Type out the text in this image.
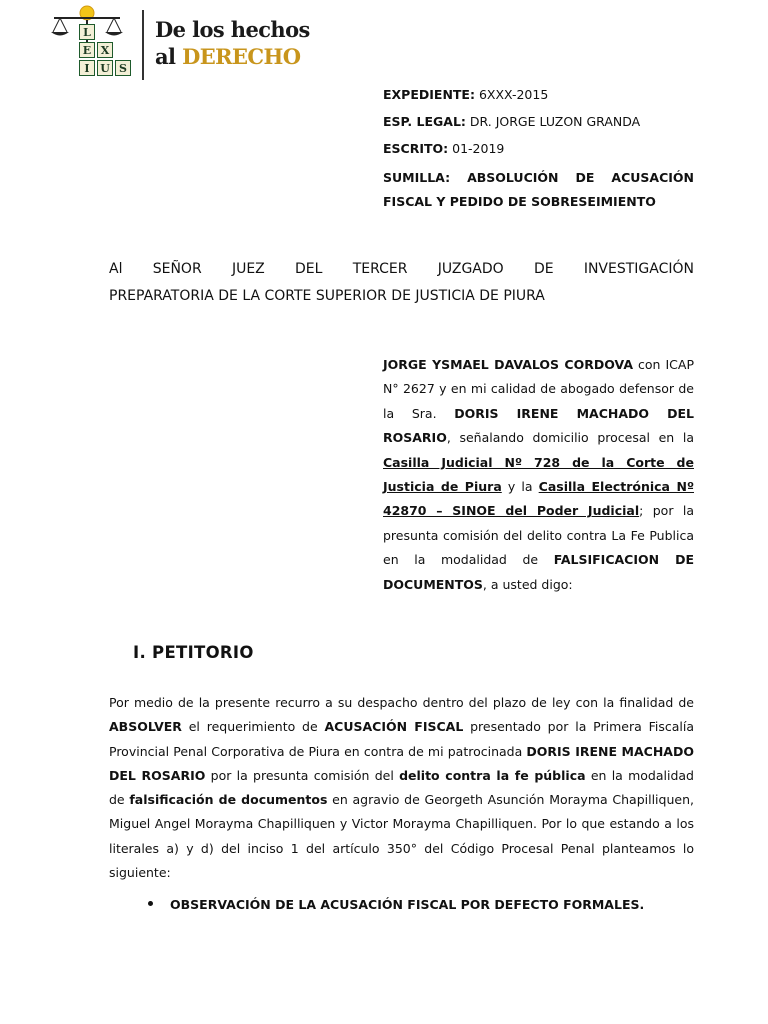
L
E X
I U S
De los hechos
al DERECHO
EXPEDIENTE: 6XXX-2015
ESP. LEGAL: DR. JORGE LUZON GRANDA
ESCRITO: 01-2019
SUMILLA: ABSOLUCIÓN DE ACUSACIÓN FISCAL Y PEDIDO DE SOBRESEIMIENTO
Al SEÑOR JUEZ DEL TERCER JUZGADO DE INVESTIGACIÓN
PREPARATORIA DE LA CORTE SUPERIOR DE JUSTICIA DE PIURA
JORGE YSMAEL DAVALOS CORDOVA con ICAP N° 2627 y en mi calidad de abogado defensor de la Sra. DORIS IRENE MACHADO DEL ROSARIO, señalando domicilio procesal en la Casilla Judicial Nº 728 de la Corte de Justicia de Piura y la Casilla Electrónica Nº 42870 – SINOE del Poder Judicial; por la presunta comisión del delito contra La Fe Publica en la modalidad de FALSIFICACION DE DOCUMENTOS, a usted digo:
I. PETITORIO
Por medio de la presente recurro a su despacho dentro del plazo de ley con la finalidad de ABSOLVER el requerimiento de ACUSACIÓN FISCAL presentado por la Primera Fiscalía Provincial Penal Corporativa de Piura en contra de mi patrocinada DORIS IRENE MACHADO DEL ROSARIO por la presunta comisión del delito contra la fe pública en la modalidad de falsificación de documentos en agravio de Georgeth Asunción Morayma Chapilliquen, Miguel Angel Morayma Chapilliquen y Victor Morayma Chapilliquen. Por lo que estando a los literales a) y d) del inciso 1 del artículo 350° del Código Procesal Penal planteamos lo siguiente:
OBSERVACIÓN DE LA ACUSACIÓN FISCAL POR DEFECTO FORMALES.
